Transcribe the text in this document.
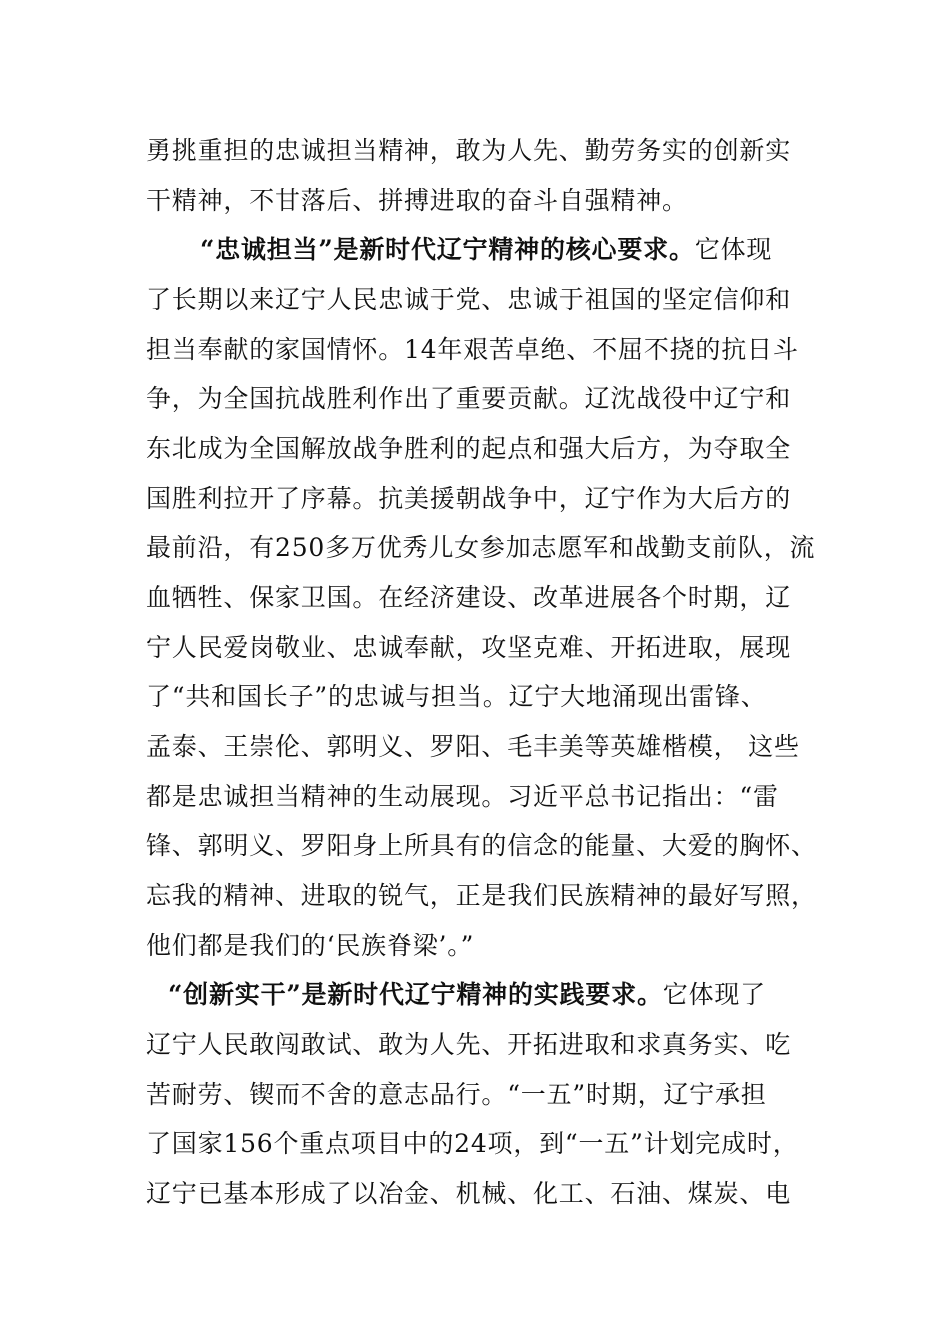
勇挑重担的忠诚担当精神，敢为人先、勤劳务实的创新实
干精神，不甘落后、拼搏进取的奋斗自强精神。
“忠诚担当”是新时代辽宁精神的核心要求。它体现
了长期以来辽宁人民忠诚于党、忠诚于祖国的坚定信仰和
担当奉献的家国情怀。14年艰苦卓绝、不屈不挠的抗日斗
争，为全国抗战胜利作出了重要贡献。辽沈战役中辽宁和
东北成为全国解放战争胜利的起点和强大后方，为夺取全
国胜利拉开了序幕。抗美援朝战争中，辽宁作为大后方的
最前沿，有250多万优秀儿女参加志愿军和战勤支前队，流
血牺牲、保家卫国。在经济建设、改革进展各个时期，辽
宁人民爱岗敬业、忠诚奉献，攻坚克难、开拓进取，展现
了“共和国长子”的忠诚与担当。辽宁大地涌现出雷锋、
孟泰、王崇伦、郭明义、罗阳、毛丰美等英雄楷模， 这些
都是忠诚担当精神的生动展现。习近平总书记指出：“雷
锋、郭明义、罗阳身上所具有的信念的能量、大爱的胸怀、
忘我的精神、进取的锐气，正是我们民族精神的最好写照，
他们都是我们的‘民族脊梁’。”
“创新实干”是新时代辽宁精神的实践要求。它体现了
辽宁人民敢闯敢试、敢为人先、开拓进取和求真务实、吃
苦耐劳、锲而不舍的意志品行。“一五”时期，辽宁承担
了国家156个重点项目中的24项，到“一五”计划完成时，
辽宁已基本形成了以冶金、机械、化工、石油、煤炭、电
